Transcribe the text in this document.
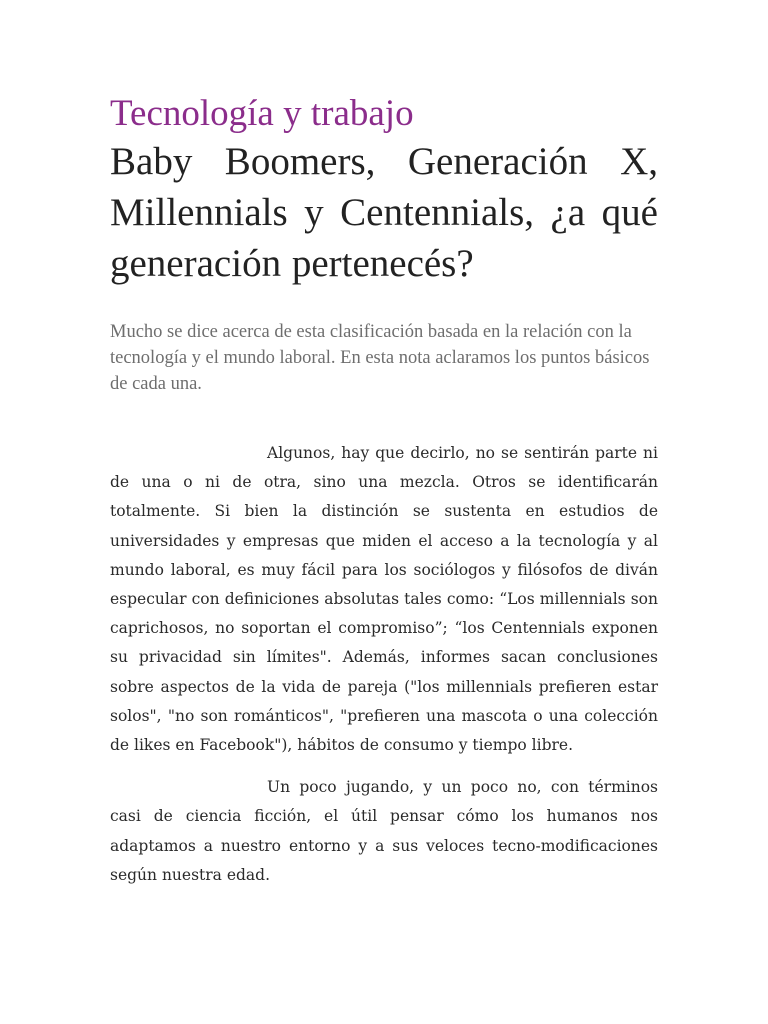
Tecnología y trabajo
Baby Boomers, Generación X, Millennials y Centennials, ¿a qué generación pertenecés?

Mucho se dice acerca de esta clasificación basada en la relación con la tecnología y el mundo laboral. En esta nota aclaramos los puntos básicos de cada una.

Algunos, hay que decirlo, no se sentirán parte ni de una o ni de otra, sino una mezcla. Otros se identificarán totalmente. Si bien la distinción se sustenta en estudios de universidades y empresas que miden el acceso a la tecnología y al mundo laboral, es muy fácil para los sociólogos y filósofos de diván especular con definiciones absolutas tales como: “Los millennials son caprichosos, no soportan el compromiso”; “los Centennials exponen su privacidad sin límites". Además, informes sacan conclusiones sobre aspectos de la vida de pareja ("los millennials prefieren estar solos", "no son románticos", "prefieren una mascota o una colección de likes en Facebook"), hábitos de consumo y tiempo libre.

Un poco jugando, y un poco no, con términos casi de ciencia ficción, el útil pensar cómo los humanos nos adaptamos a nuestro entorno y a sus veloces tecno-modificaciones según nuestra edad.
